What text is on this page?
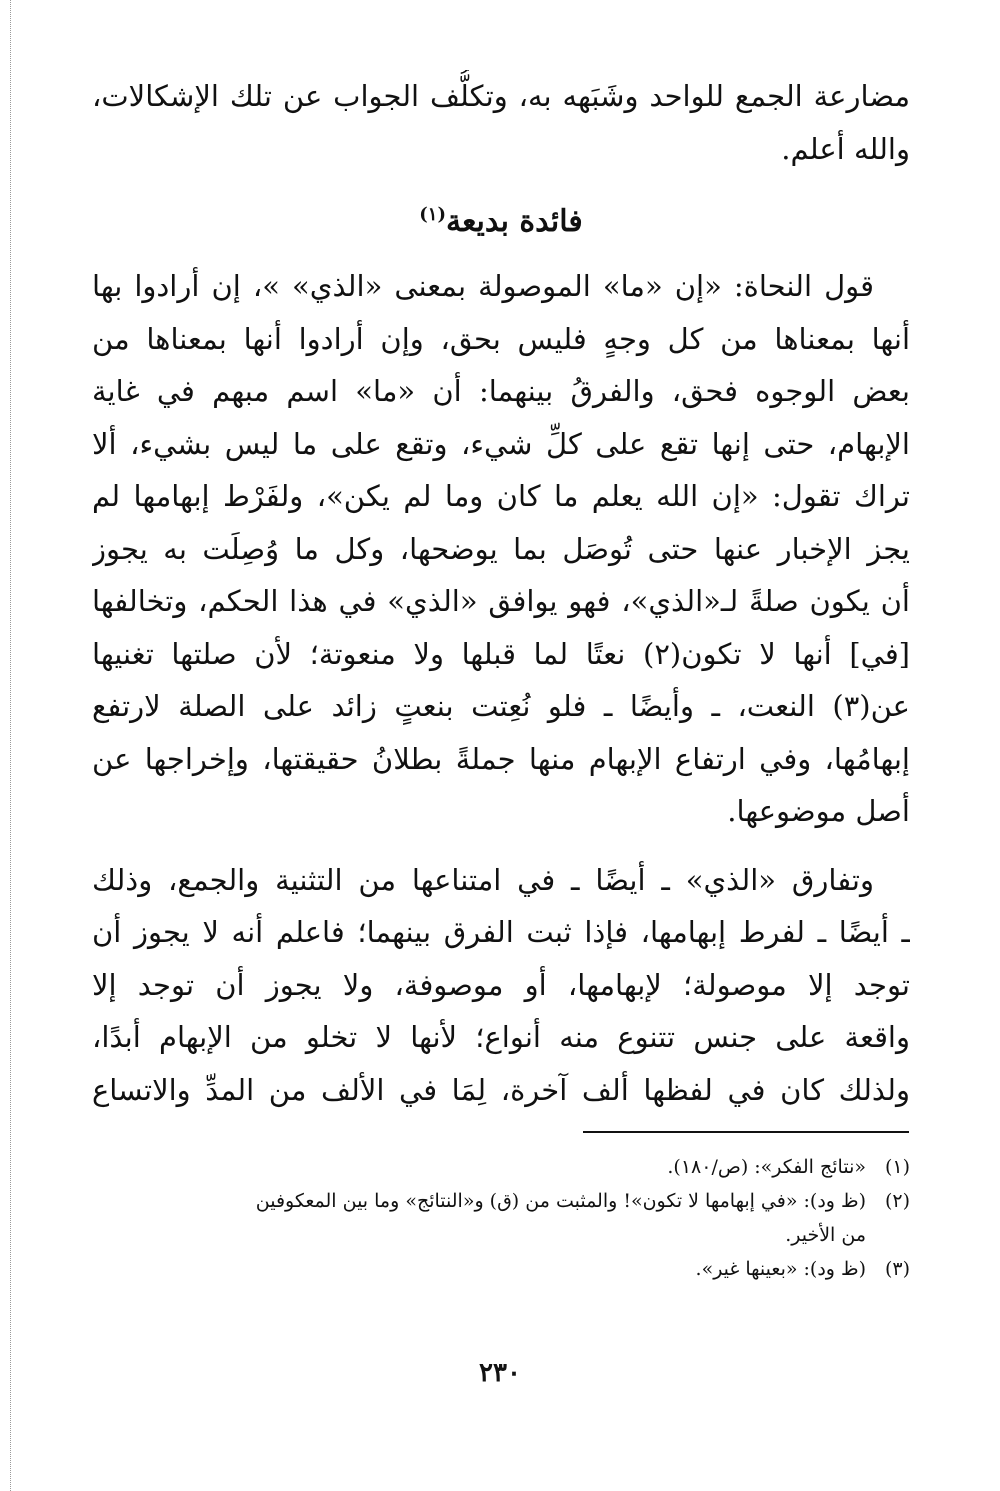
مضارعة الجمع للواحد وشَبَهه به، وتكلُّف الجواب عن تلك الإشكالات،
والله أعلم.
فائدة بديعة$^{(١)}$
قول النحاة: «إن «ما» الموصولة بمعنى «الذي» »، إن أرادوا بها
أنها بمعناها من كل وجهٍ فليس بحق، وإن أرادوا أنها بمعناها من
بعض الوجوه فحق، والفرقُ بينهما: أن «ما» اسم مبهم في غاية
الإبهام، حتى إنها تقع على كلِّ شيء، وتقع على ما ليس بشيء، ألا
تراك تقول: «إن الله يعلم ما كان وما لم يكن»، ولفَرْط إبهامها لم
يجز الإخبار عنها حتى تُوصَل بما يوضحها، وكل ما وُصِلَت به يجوز
أن يكون صلةً لـ«الذي»، فهو يوافق «الذي» في هذا الحكم، وتخالفها
[في] أنها لا تكون(٢) نعتًا لما قبلها ولا منعوتة؛ لأن صلتها تغنيها
عن(٣) النعت، ـ وأيضًا ـ فلو نُعِتت بنعتٍ زائد على الصلة لارتفع
إبهامُها، وفي ارتفاع الإبهام منها جملةً بطلانُ حقيقتها، وإخراجها عن
أصل موضوعها.
وتفارق «الذي» ـ أيضًا ـ في امتناعها من التثنية والجمع، وذلك
ـ أيضًا ـ لفرط إبهامها، فإذا ثبت الفرق بينهما؛ فاعلم أنه لا يجوز أن
توجد إلا موصولة؛ لإبهامها، أو موصوفة، ولا يجوز أن توجد إلا
واقعة على جنس تتنوع منه أنواع؛ لأنها لا تخلو من الإبهام أبدًا،
ولذلك كان في لفظها ألف آخرة، لِمَا في الألف من المدِّ والاتساع
(١)
«نتائج الفكر»: (ص/١٨٠).
(٢)
(ظ ود): «في إبهامها لا تكون»! والمثبت من (ق) و«النتائج» وما بين المعكوفين
من الأخير.
(٣)
(ظ ود): «بعينها غير».
٢٣٠
